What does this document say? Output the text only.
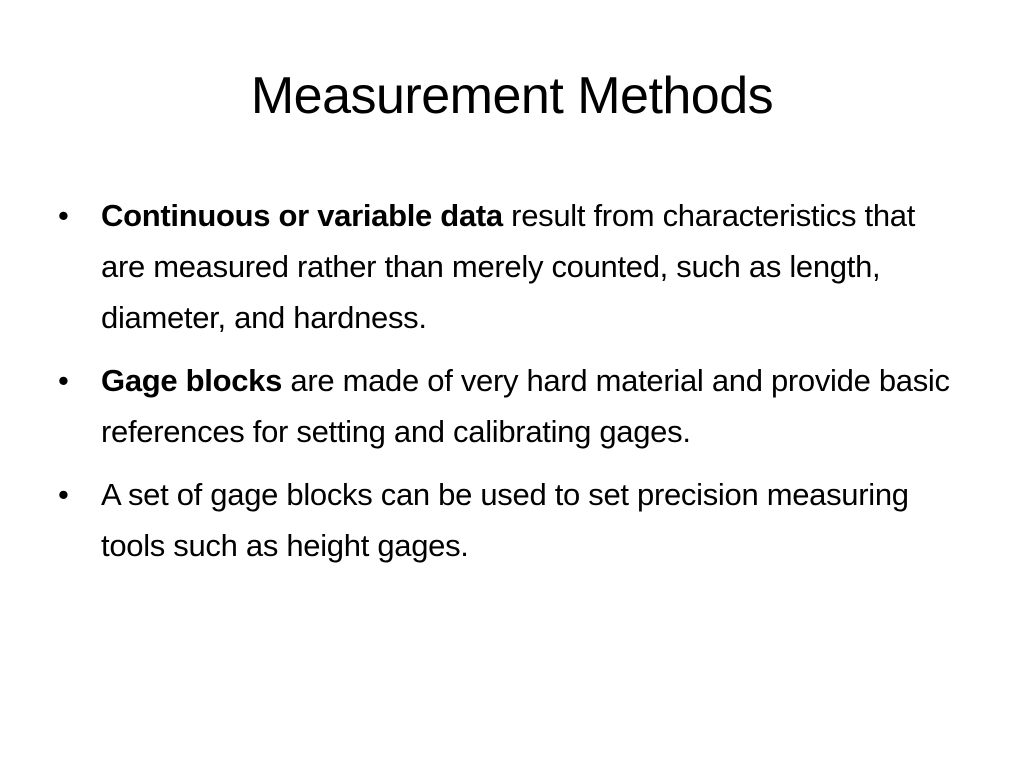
Measurement Methods
•	Continuous or variable data result from characteristics that are measured rather than merely counted, such as length, diameter, and hardness.
•	Gage blocks are made of very hard material and provide basic references for setting and calibrating gages.
•	A set of gage blocks can be used to set precision measuring tools such as height gages.
